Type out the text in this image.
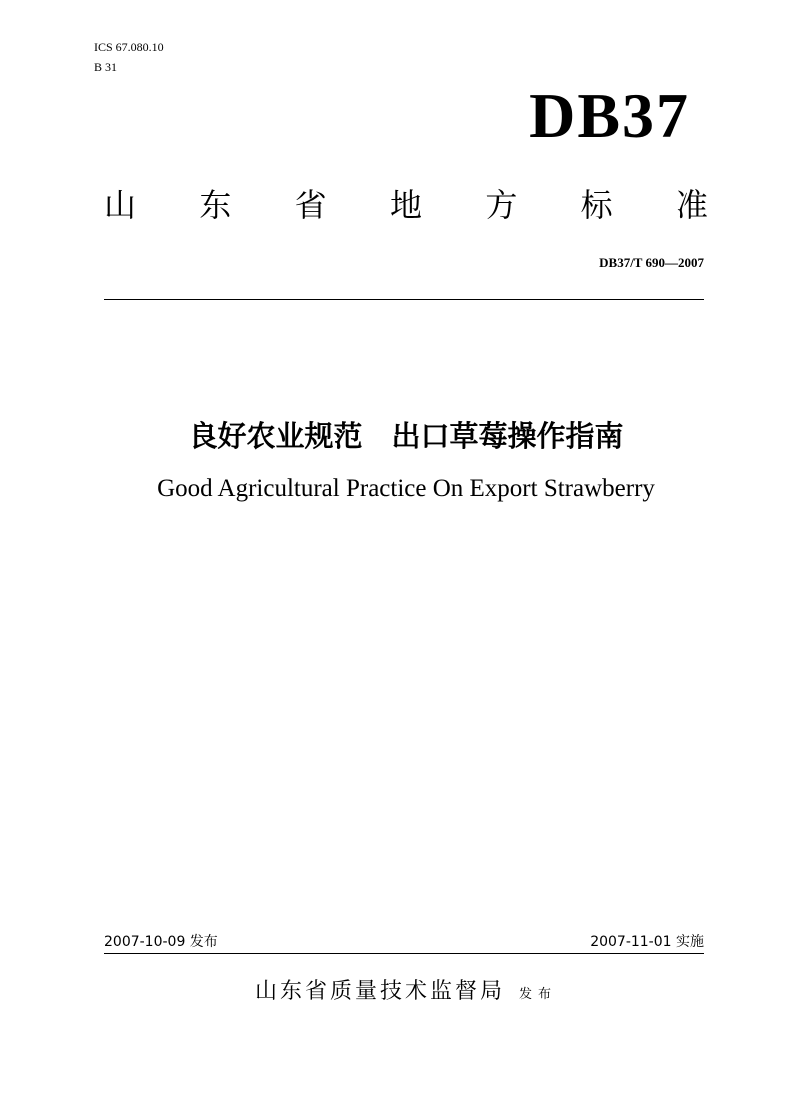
ICS 67.080.10
B 31
DB37
山 东 省 地 方 标 准
DB37/T 690—2007
良好农业规范　出口草莓操作指南
Good Agricultural Practice On Export Strawberry
2007-10-09 发布	2007-11-01 实施
山东省质量技术监督局 发布
